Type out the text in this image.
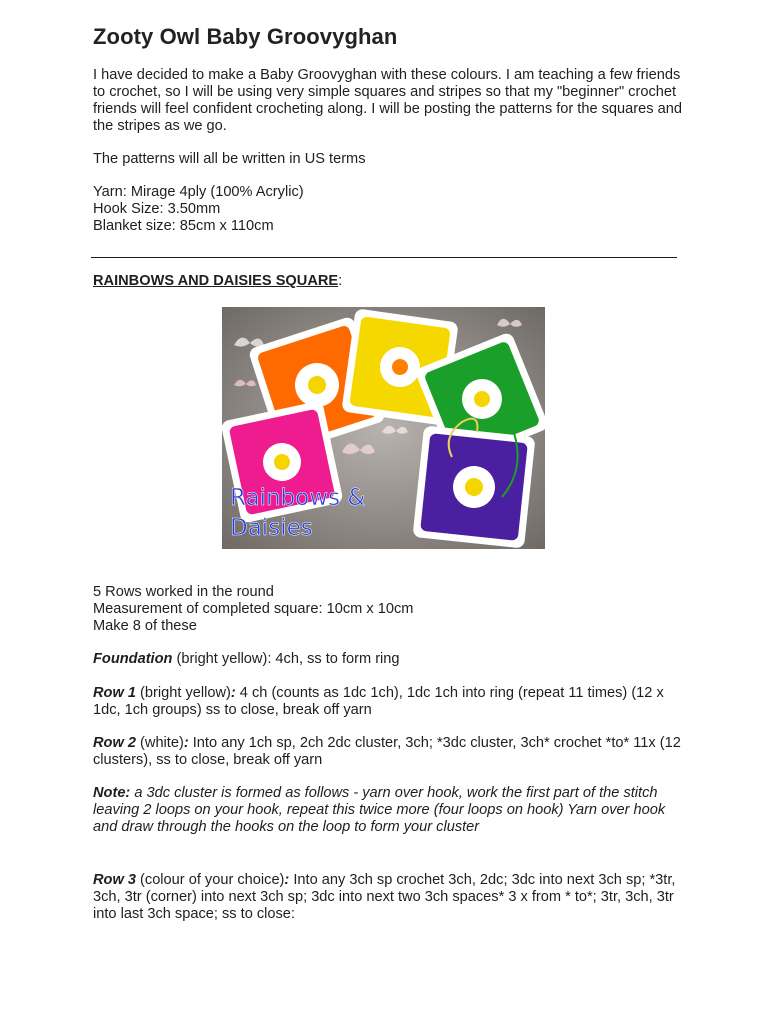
Zooty Owl Baby Groovyghan

I have decided to make a Baby Groovyghan with these colours. I am teaching a few friends to crochet, so I will be using very simple squares and stripes so that my "beginner" crochet friends will feel confident crocheting along. I will be posting the patterns for the squares and the stripes as we go.

The patterns will all be written in US terms

Yarn: Mirage 4ply (100% Acrylic)
Hook Size: 3.50mm
Blanket size: 85cm x 110cm

RAINBOWS AND DAISIES SQUARE:

Rainbows &
Daisies
5 Rows worked in the round
Measurement of completed square: 10cm x 10cm
Make 8 of these

Foundation (bright yellow): 4ch, ss to form ring

Row 1 (bright yellow): 4 ch (counts as 1dc 1ch), 1dc 1ch into ring (repeat 11 times) (12 x 1dc, 1ch groups) ss to close, break off yarn

Row 2 (white): Into any 1ch sp, 2ch 2dc cluster, 3ch; *3dc cluster, 3ch* crochet *to* 11x (12 clusters), ss to close, break off yarn

Note: a 3dc cluster is formed as follows - yarn over hook, work the first part of the stitch leaving 2 loops on your hook, repeat this twice more (four loops on hook) Yarn over hook and draw through the hooks on the loop to form your cluster

Row 3 (colour of your choice): Into any 3ch sp crochet 3ch, 2dc; 3dc into next 3ch sp; *3tr, 3ch, 3tr (corner) into next 3ch sp; 3dc into next two 3ch spaces* 3 x from * to*; 3tr, 3ch, 3tr into last 3ch space; ss to close:
